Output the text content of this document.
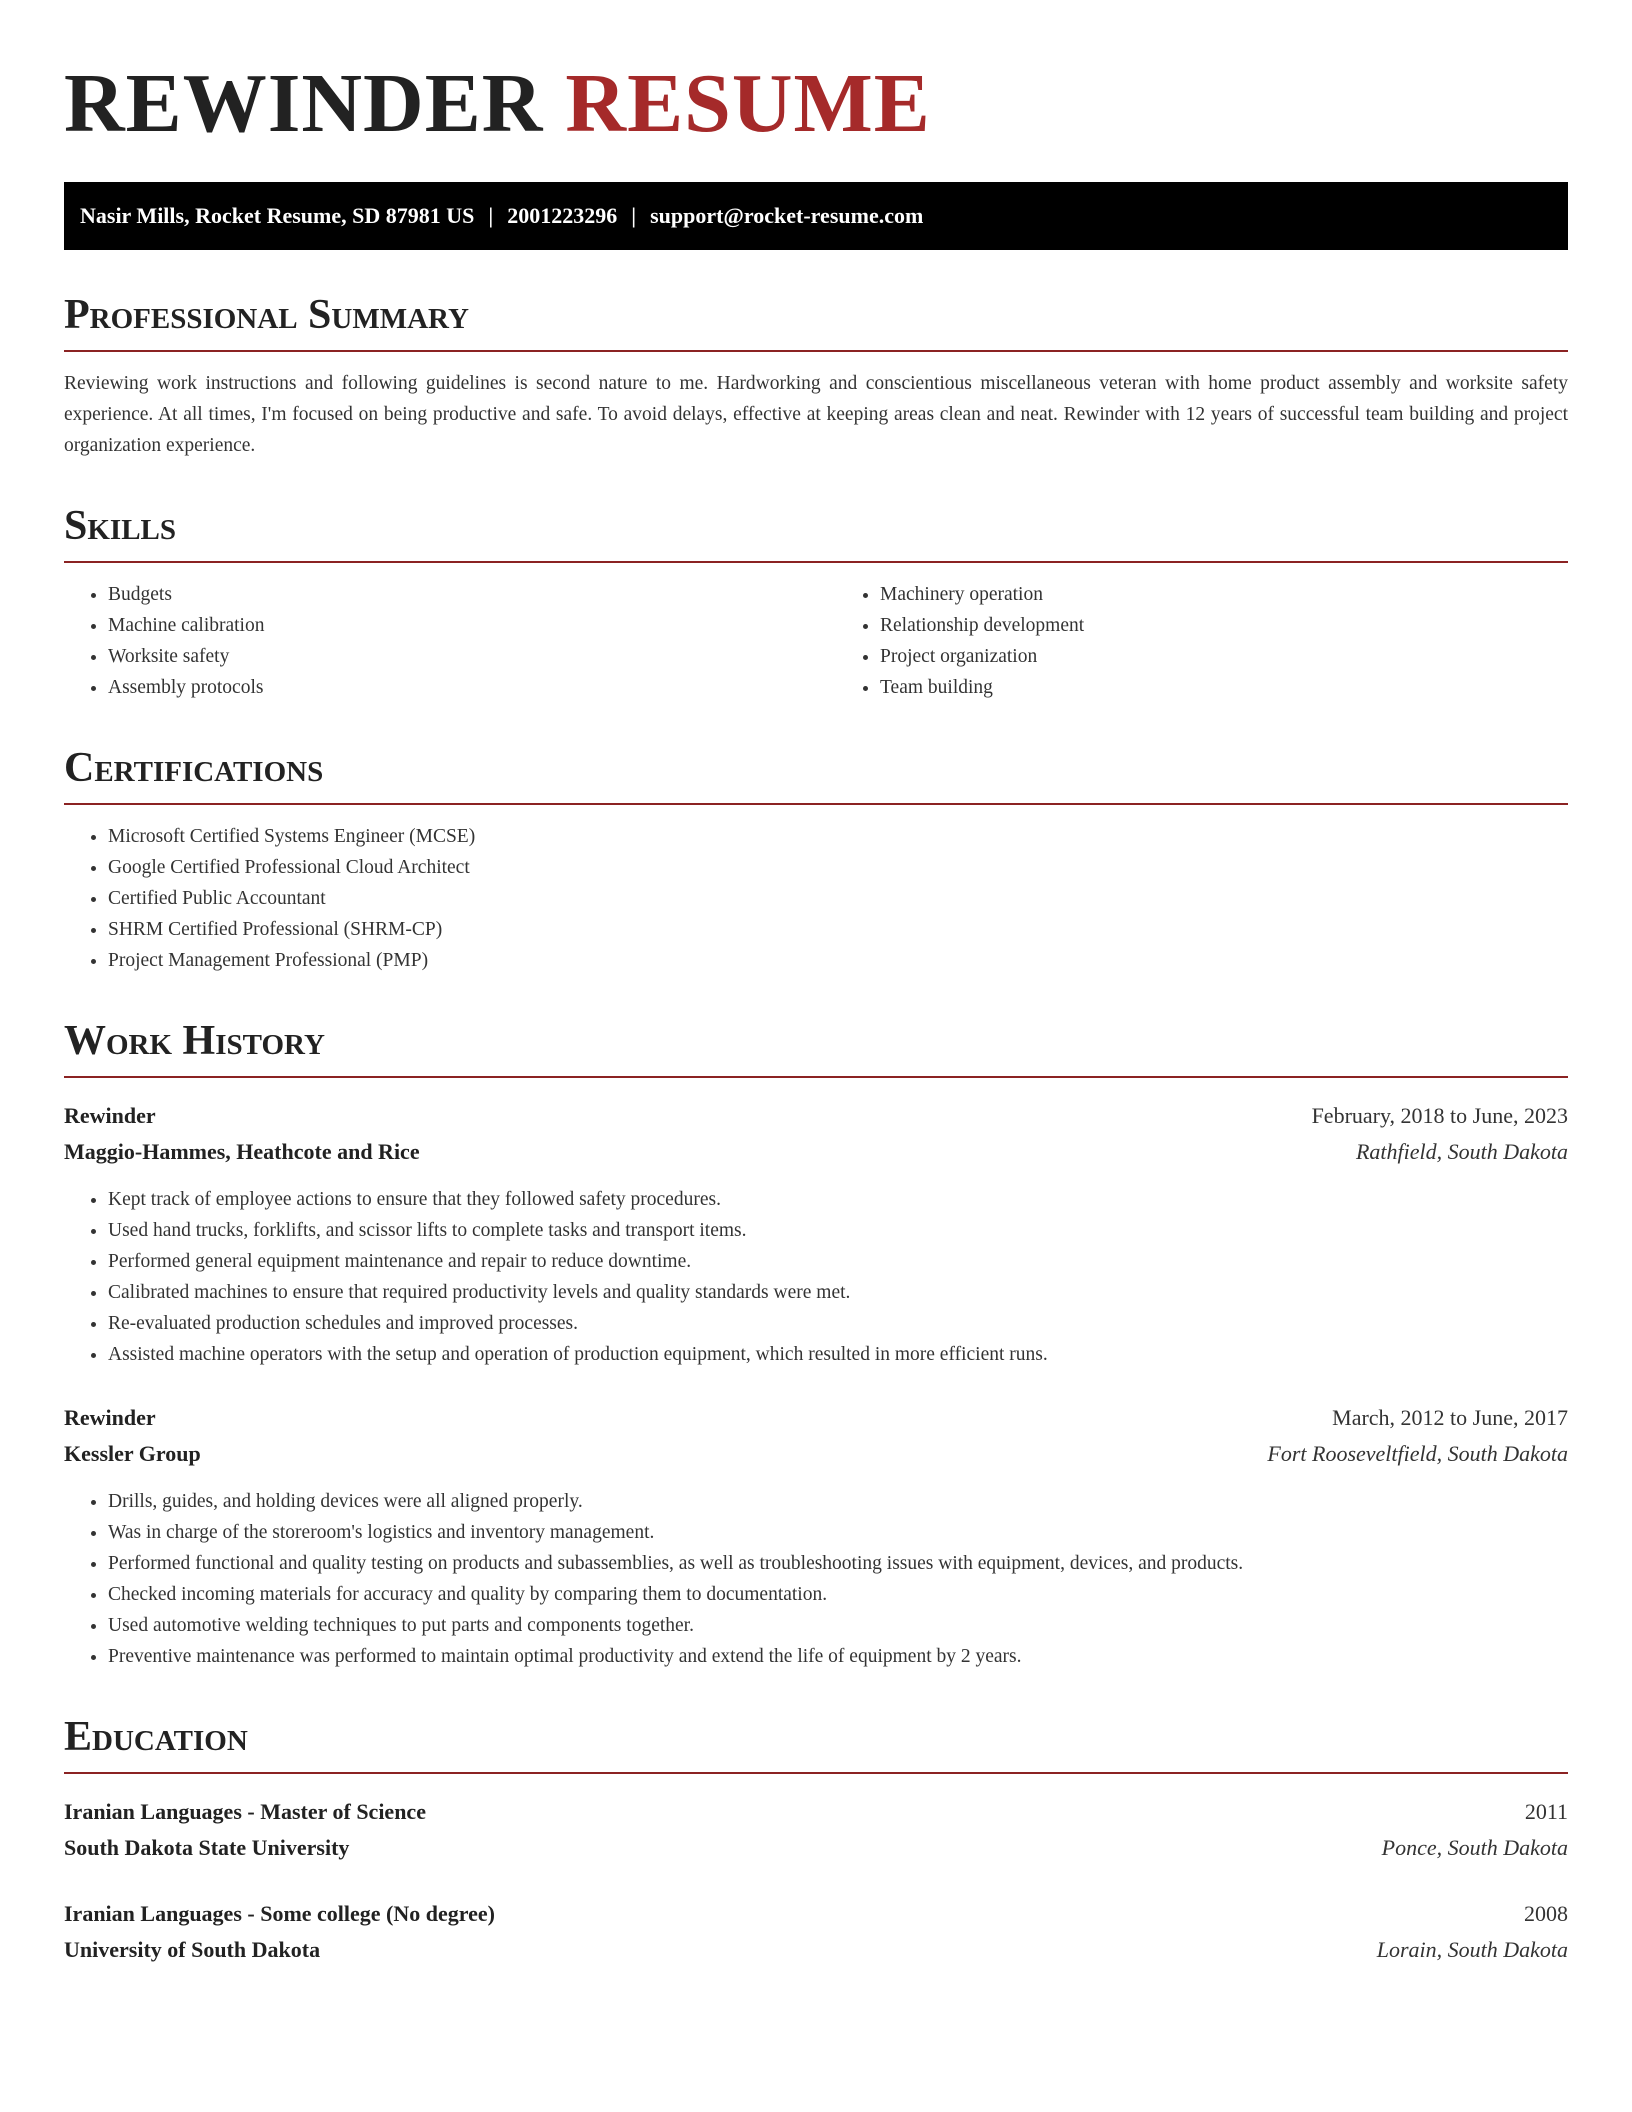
REWINDER RESUME
Nasir Mills, Rocket Resume, SD 87981 US | 2001223296 | support@rocket-resume.com
Professional Summary
Reviewing work instructions and following guidelines is second nature to me. Hardworking and conscientious miscellaneous veteran with home product assembly and worksite safety experience. At all times, I'm focused on being productive and safe. To avoid delays, effective at keeping areas clean and neat. Rewinder with 12 years of successful team building and project organization experience.
Skills
• Budgets
• Machine calibration
• Worksite safety
• Assembly protocols
• Machinery operation
• Relationship development
• Project organization
• Team building
Certifications
• Microsoft Certified Systems Engineer (MCSE)
• Google Certified Professional Cloud Architect
• Certified Public Accountant
• SHRM Certified Professional (SHRM-CP)
• Project Management Professional (PMP)
Work History
Rewinder	February, 2018 to June, 2023
Maggio-Hammes, Heathcote and Rice	Rathfield, South Dakota
• Kept track of employee actions to ensure that they followed safety procedures.
• Used hand trucks, forklifts, and scissor lifts to complete tasks and transport items.
• Performed general equipment maintenance and repair to reduce downtime.
• Calibrated machines to ensure that required productivity levels and quality standards were met.
• Re-evaluated production schedules and improved processes.
• Assisted machine operators with the setup and operation of production equipment, which resulted in more efficient runs.
Rewinder	March, 2012 to June, 2017
Kessler Group	Fort Rooseveltfield, South Dakota
• Drills, guides, and holding devices were all aligned properly.
• Was in charge of the storeroom's logistics and inventory management.
• Performed functional and quality testing on products and subassemblies, as well as troubleshooting issues with equipment, devices, and products.
• Checked incoming materials for accuracy and quality by comparing them to documentation.
• Used automotive welding techniques to put parts and components together.
• Preventive maintenance was performed to maintain optimal productivity and extend the life of equipment by 2 years.
Education
Iranian Languages - Master of Science	2011
South Dakota State University	Ponce, South Dakota
Iranian Languages - Some college (No degree)	2008
University of South Dakota	Lorain, South Dakota
